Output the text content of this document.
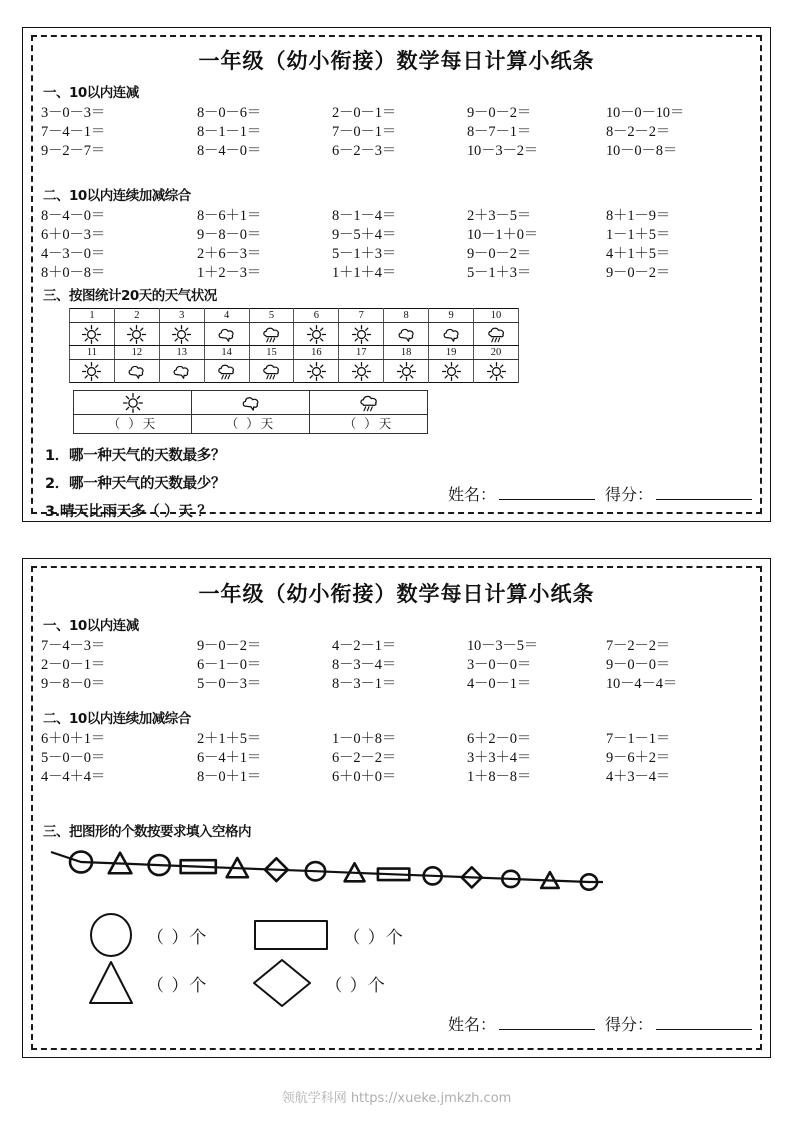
一年级（幼小衔接）数学每日计算小纸条
一、10以内连减
3－0－3＝	8－0－6＝	2－0－1＝	9－0－2＝	10－0－10＝
7－4－1＝	8－1－1＝	7－0－1＝	8－7－1＝	8－2－2＝
9－2－7＝	8－4－0＝	6－2－3＝	10－3－2＝	10－0－8＝
二、10以内连续加减综合
8－4－0＝	8－6＋1＝	8－1－4＝	2＋3－5＝	8＋1－9＝
6＋0－3＝	9－8－0＝	9－5＋4＝	10－1＋0＝	1－1＋5＝
4－3－0＝	2＋6－3＝	5－1＋3＝	9－0－2＝	4＋1＋5＝
8＋0－8＝	1＋2－3＝	1＋1＋4＝	5－1＋3＝	9－0－2＝
三、按图统计20天的天气状况
1	2	3	4	5	6	7	8	9	10

11	12	13	14	15	16	17	18	19	20

（ ）天	（ ）天	（ ）天
1．哪一种天气的天数最多？
2．哪一种天气的天数最少？
3.晴天比雨天多（ ）天 ？
姓名：	得分：
一年级（幼小衔接）数学每日计算小纸条
一、10以内连减
7－4－3＝	9－0－2＝	4－2－1＝	10－3－5＝	7－2－2＝
2－0－1＝	6－1－0＝	8－3－4＝	3－0－0＝	9－0－0＝
9－8－0＝	5－0－3＝	8－3－1＝	4－0－1＝	10－4－4＝
二、10以内连续加减综合
6＋0＋1＝	2＋1＋5＝	1－0＋8＝	6＋2－0＝	7－1－1＝
5－0－0＝	6－4＋1＝	6－2－2＝	3＋3＋4＝	9－6＋2＝
4－4＋4＝	8－0＋1＝	6＋0＋0＝	1＋8－8＝	4＋3－4＝
三、把图形的个数按要求填入空格内
（ ）个	（ ）个
（ ）个	（ ）个
姓名：	得分：
领航学科网 https://xueke.jmkzh.com
